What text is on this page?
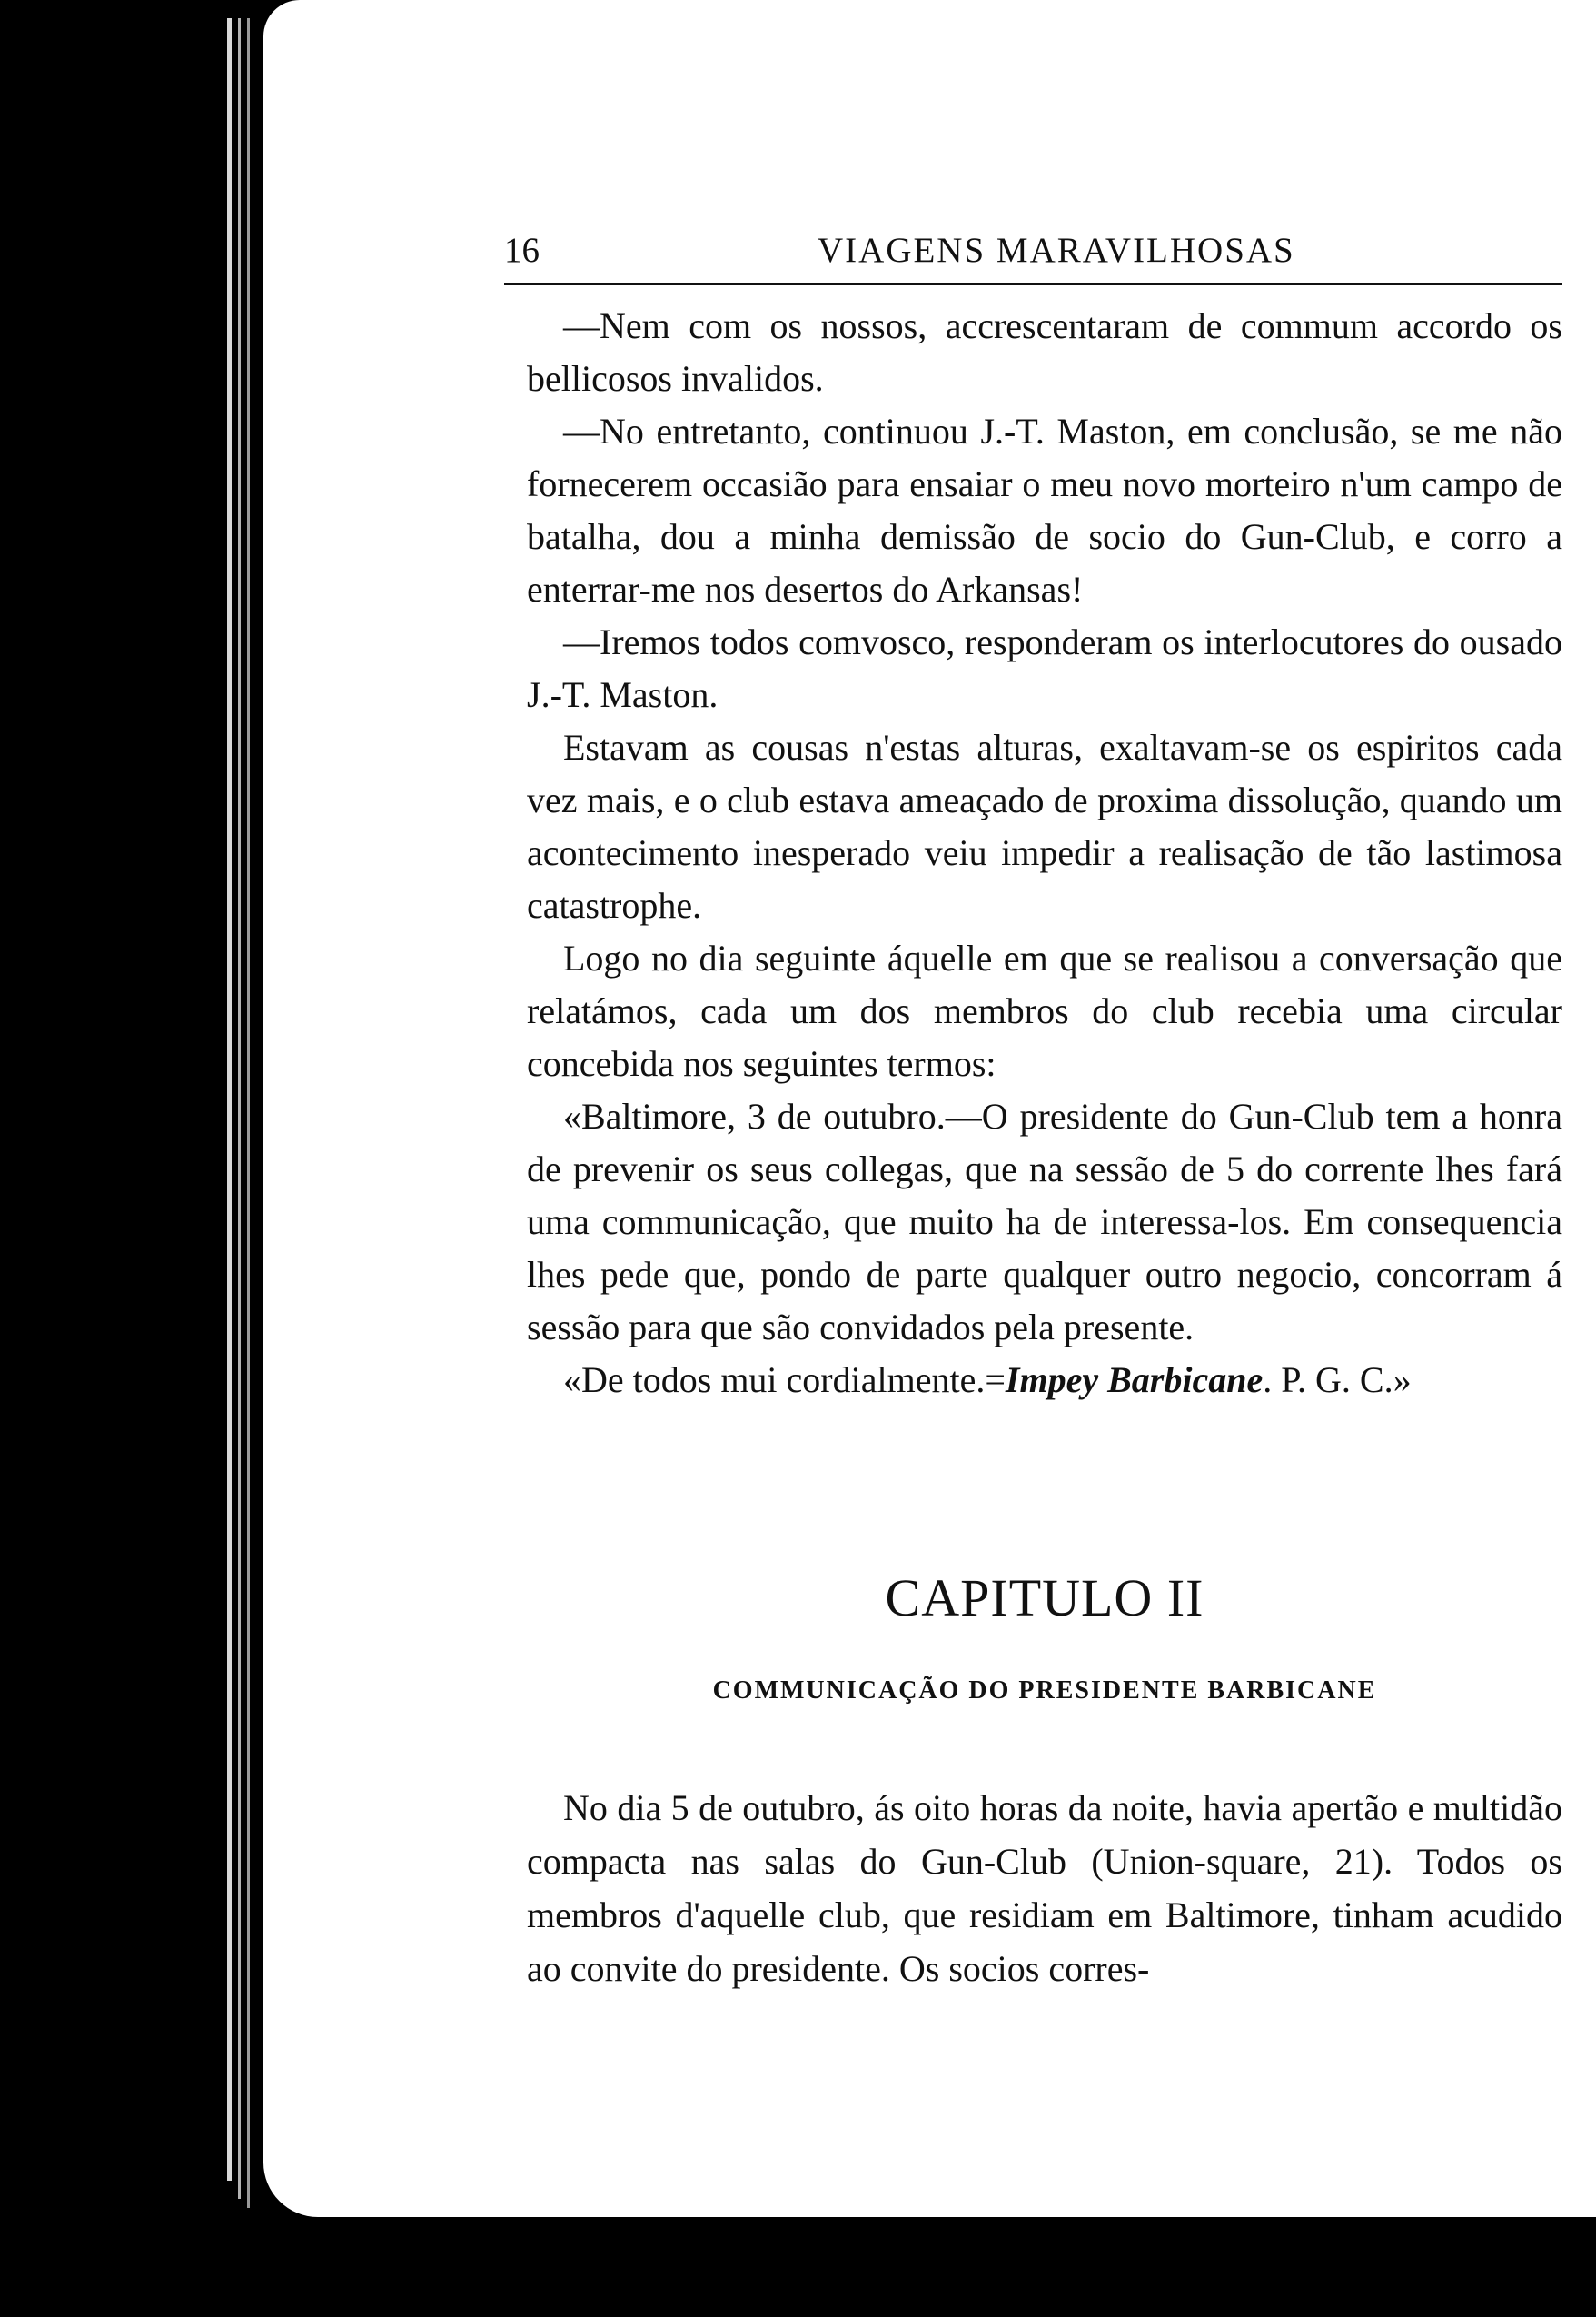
16	VIAGENS MARAVILHOSAS

—Nem com os nossos, accrescentaram de commum accordo os bellicosos invalidos.

—No entretanto, continuou J.-T. Maston, em conclusão, se me não fornecerem occasião para ensaiar o meu novo morteiro n'um campo de batalha, dou a minha demissão de socio do Gun-Club, e corro a enterrar-me nos desertos do Arkansas!

—Iremos todos comvosco, responderam os interlocutores do ousado J.-T. Maston.

Estavam as cousas n'estas alturas, exaltavam-se os espiritos cada vez mais, e o club estava ameaçado de proxima dissolução, quando um acontecimento inesperado veiu impedir a realisação de tão lastimosa catastrophe.

Logo no dia seguinte áquelle em que se realisou a conversação que relatámos, cada um dos membros do club recebia uma circular concebida nos seguintes termos:

«Baltimore, 3 de outubro.—O presidente do Gun-Club tem a honra de prevenir os seus collegas, que na sessão de 5 do corrente lhes fará uma communicação, que muito ha de interessa-los. Em consequencia lhes pede que, pondo de parte qualquer outro negocio, concorram á sessão para que são convidados pela presente.

«De todos mui cordialmente.=Impey Barbicane. P. G. C.»

CAPITULO II
COMMUNICAÇÃO DO PRESIDENTE BARBICANE

No dia 5 de outubro, ás oito horas da noite, havia apertão e multidão compacta nas salas do Gun-Club (Union-square, 21). Todos os membros d'aquelle club, que residiam em Baltimore, tinham acudido ao convite do presidente. Os socios corres-
